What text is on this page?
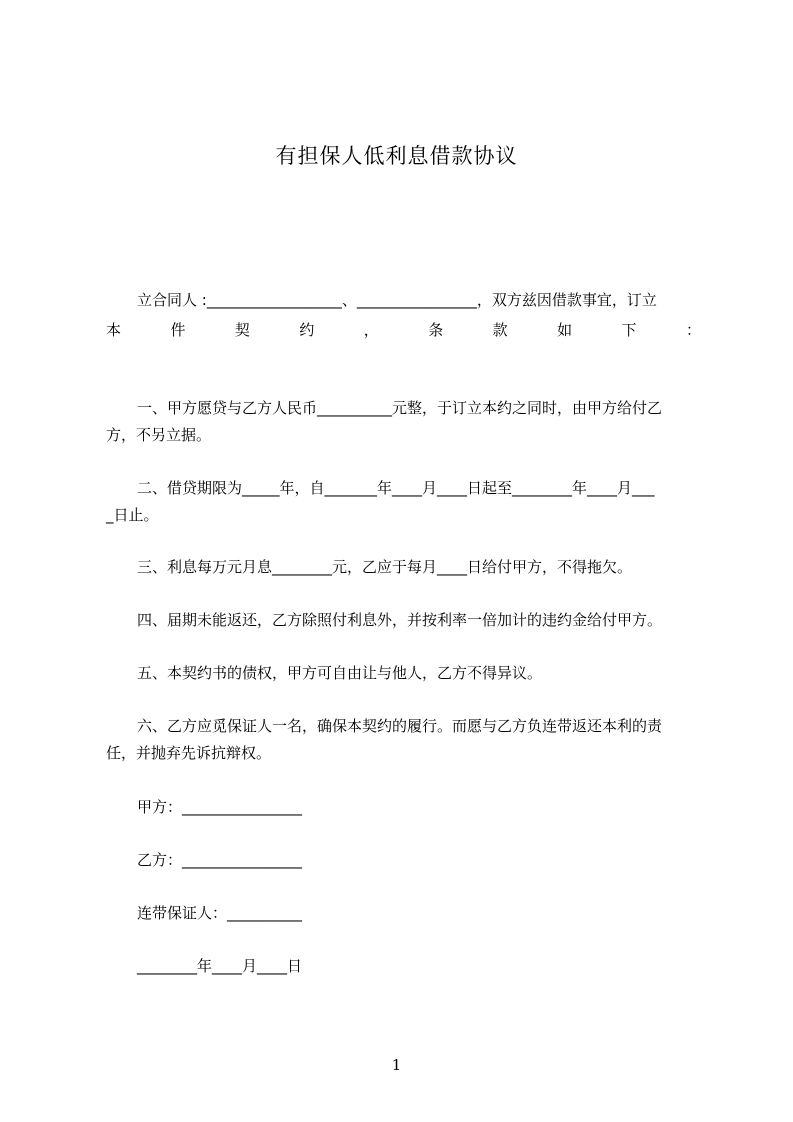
有担保人低利息借款协议
立合同人 :__________________、________________，双方兹因借款事宜，订立
本	件	契	约	，	条	款	如	下	：
一、甲方愿贷与乙方人民币__________元整，于订立本约之同时，由甲方给付乙
方，不另立据。
二、借贷期限为_____年，自_______年____月____日起至________年____月___
_日止。
三、利息每万元月息________元，乙应于每月____日给付甲方，不得拖欠。
四、届期未能返还，乙方除照付利息外，并按利率一倍加计的违约金给付甲方。
五、本契约书的债权，甲方可自由让与他人，乙方不得异议。
六、乙方应觅保证人一名，确保本契约的履行。而愿与乙方负连带返还本利的责
任，并抛弃先诉抗辩权。
甲方：________________
乙方：________________
连带保证人：__________
________年____月____日
1
